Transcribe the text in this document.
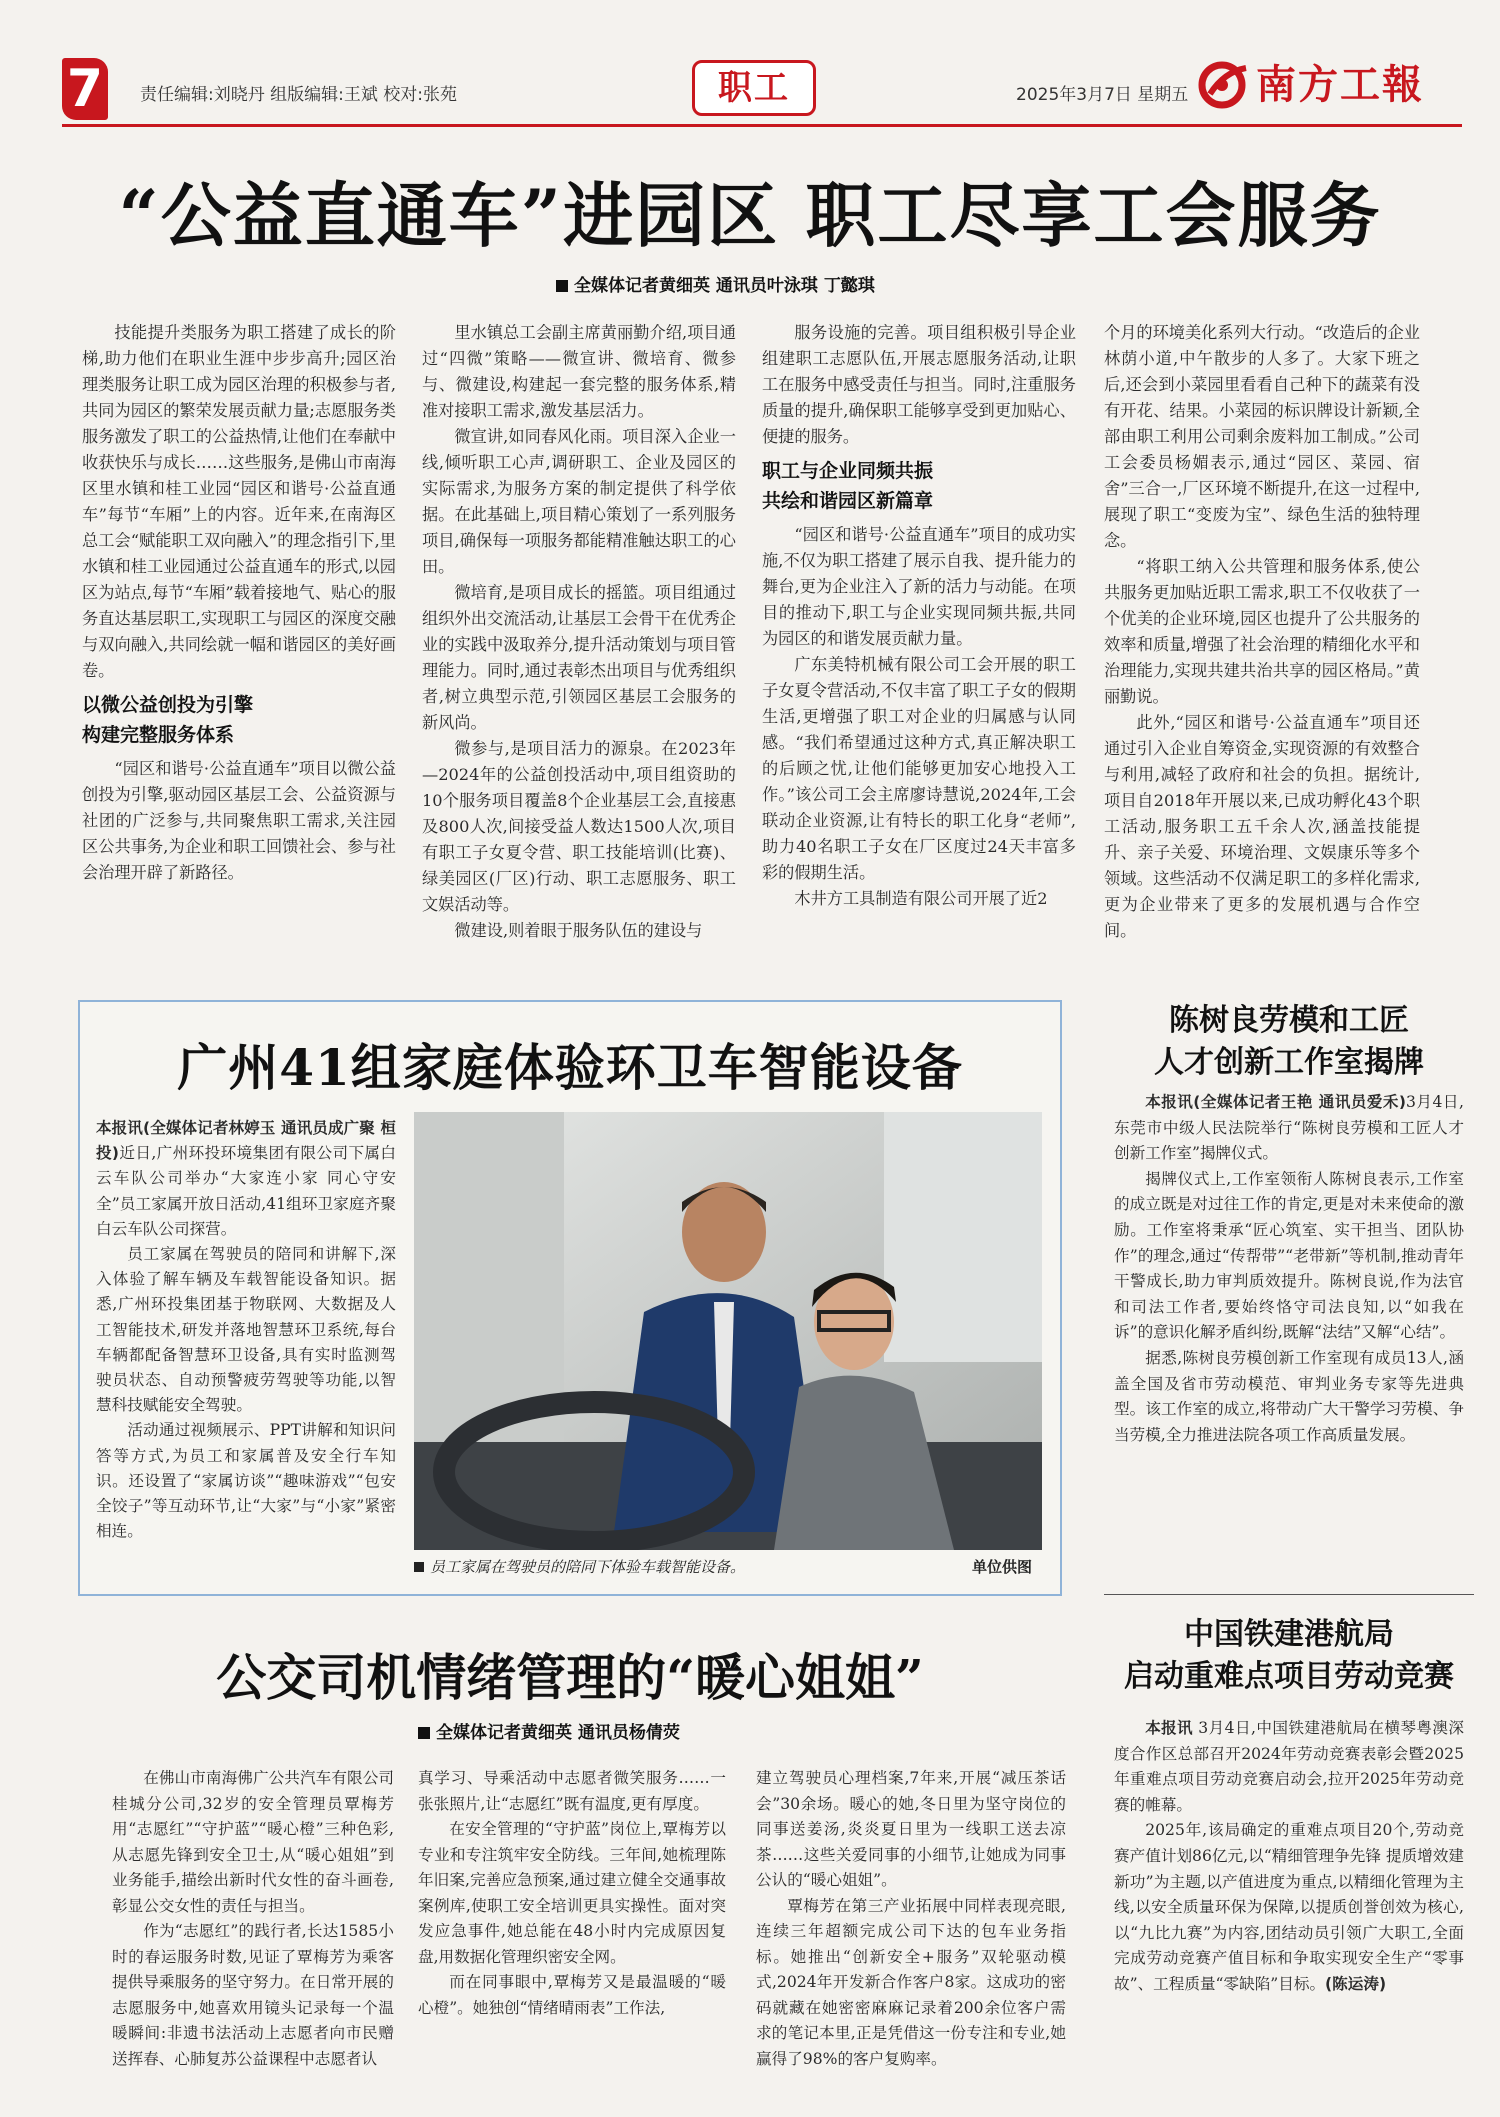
7 责任编辑:刘晓丹 组版编辑:王斌 校对:张苑	职工	2025年3月7日 星期五 南方工報
“公益直通车”进园区 职工尽享工会服务
全媒体记者黄细英 通讯员叶泳琪 丁懿琪

技能提升类服务为职工搭建了成长的阶梯,助力他们在职业生涯中步步高升;园区治理类服务让职工成为园区治理的积极参与者,共同为园区的繁荣发展贡献力量;志愿服务类服务激发了职工的公益热情,让他们在奉献中收获快乐与成长……这些服务,是佛山市南海区里水镇和桂工业园“园区和谐号·公益直通车”每节“车厢”上的内容。近年来,在南海区总工会“赋能职工双向融入”的理念指引下,里水镇和桂工业园通过公益直通车的形式,以园区为站点,每节“车厢”载着接地气、贴心的服务直达基层职工,实现职工与园区的深度交融与双向融入,共同绘就一幅和谐园区的美好画卷。

以微公益创投为引擎
构建完整服务体系

“园区和谐号·公益直通车”项目以微公益创投为引擎,驱动园区基层工会、公益资源与社团的广泛参与,共同聚焦职工需求,关注园区公共事务,为企业和职工回馈社会、参与社会治理开辟了新路径。

里水镇总工会副主席黄丽勤介绍,项目通过“四微”策略——微宣讲、微培育、微参与、微建设,构建起一套完整的服务体系,精准对接职工需求,激发基层活力。

微宣讲,如同春风化雨。项目深入企业一线,倾听职工心声,调研职工、企业及园区的实际需求,为服务方案的制定提供了科学依据。在此基础上,项目精心策划了一系列服务项目,确保每一项服务都能精准触达职工的心田。

微培育,是项目成长的摇篮。项目组通过组织外出交流活动,让基层工会骨干在优秀企业的实践中汲取养分,提升活动策划与项目管理能力。同时,通过表彰杰出项目与优秀组织者,树立典型示范,引领园区基层工会服务的新风尚。

微参与,是项目活力的源泉。在2023年—2024年的公益创投活动中,项目组资助的10个服务项目覆盖8个企业基层工会,直接惠及800人次,间接受益人数达1500人次,项目有职工子女夏令营、职工技能培训(比赛)、绿美园区(厂区)行动、职工志愿服务、职工文娱活动等。

微建设,则着眼于服务队伍的建设与

服务设施的完善。项目组积极引导企业组建职工志愿队伍,开展志愿服务活动,让职工在服务中感受责任与担当。同时,注重服务质量的提升,确保职工能够享受到更加贴心、便捷的服务。

职工与企业同频共振
共绘和谐园区新篇章

“园区和谐号·公益直通车”项目的成功实施,不仅为职工搭建了展示自我、提升能力的舞台,更为企业注入了新的活力与动能。在项目的推动下,职工与企业实现同频共振,共同为园区的和谐发展贡献力量。

广东美特机械有限公司工会开展的职工子女夏令营活动,不仅丰富了职工子女的假期生活,更增强了职工对企业的归属感与认同感。“我们希望通过这种方式,真正解决职工的后顾之忧,让他们能够更加安心地投入工作。”该公司工会主席廖诗慧说,2024年,工会联动企业资源,让有特长的职工化身“老师”,助力40名职工子女在厂区度过24天丰富多彩的假期生活。

木井方工具制造有限公司开展了近2

个月的环境美化系列大行动。“改造后的企业林荫小道,中午散步的人多了。大家下班之后,还会到小菜园里看看自己种下的蔬菜有没有开花、结果。小菜园的标识牌设计新颖,全部由职工利用公司剩余废料加工制成。”公司工会委员杨媚表示,通过“园区、菜园、宿舍”三合一,厂区环境不断提升,在这一过程中,展现了职工“变废为宝”、绿色生活的独特理念。

“将职工纳入公共管理和服务体系,使公共服务更加贴近职工需求,职工不仅收获了一个优美的企业环境,园区也提升了公共服务的效率和质量,增强了社会治理的精细化水平和治理能力,实现共建共治共享的园区格局。”黄丽勤说。

此外,“园区和谐号·公益直通车”项目还通过引入企业自筹资金,实现资源的有效整合与利用,减轻了政府和社会的负担。据统计,项目自2018年开展以来,已成功孵化43个职工活动,服务职工五千余人次,涵盖技能提升、亲子关爱、环境治理、文娱康乐等多个领域。这些活动不仅满足职工的多样化需求,更为企业带来了更多的发展机遇与合作空间。

广州41组家庭体验环卫车智能设备

本报讯(全媒体记者林婷玉 通讯员成广聚 桓投)近日,广州环投环境集团有限公司下属白云车队公司举办“大家连小家 同心守安全”员工家属开放日活动,41组环卫家庭齐聚白云车队公司探营。

员工家属在驾驶员的陪同和讲解下,深入体验了解车辆及车载智能设备知识。据悉,广州环投集团基于物联网、大数据及人工智能技术,研发并落地智慧环卫系统,每台车辆都配备智慧环卫设备,具有实时监测驾驶员状态、自动预警疲劳驾驶等功能,以智慧科技赋能安全驾驶。

活动通过视频展示、PPT讲解和知识问答等方式,为员工和家属普及安全行车知识。还设置了“家属访谈”“趣味游戏”“包安全饺子”等互动环节,让“大家”与“小家”紧密相连。

员工家属在驾驶员的陪同下体验车载智能设备。	单位供图
公交司机情绪管理的“暖心姐姐”
全媒体记者黄细英 通讯员杨倩荧

在佛山市南海佛广公共汽车有限公司桂城分公司,32岁的安全管理员覃梅芳用“志愿红”“守护蓝”“暖心橙”三种色彩,从志愿先锋到安全卫士,从“暖心姐姐”到业务能手,描绘出新时代女性的奋斗画卷,彰显公交女性的责任与担当。

作为“志愿红”的践行者,长达1585小时的春运服务时数,见证了覃梅芳为乘客提供导乘服务的坚守努力。在日常开展的志愿服务中,她喜欢用镜头记录每一个温暖瞬间:非遗书法活动上志愿者向市民赠送挥春、心肺复苏公益课程中志愿者认

真学习、导乘活动中志愿者微笑服务……一张张照片,让“志愿红”既有温度,更有厚度。

在安全管理的“守护蓝”岗位上,覃梅芳以专业和专注筑牢安全防线。三年间,她梳理陈年旧案,完善应急预案,通过建立健全交通事故案例库,使职工安全培训更具实操性。面对突发应急事件,她总能在48小时内完成原因复盘,用数据化管理织密安全网。

而在同事眼中,覃梅芳又是最温暖的“暖心橙”。她独创“情绪晴雨表”工作法,

建立驾驶员心理档案,7年来,开展“减压茶话会”30余场。暖心的她,冬日里为坚守岗位的同事送姜汤,炎炎夏日里为一线职工送去凉茶……这些关爱同事的小细节,让她成为同事公认的“暖心姐姐”。

覃梅芳在第三产业拓展中同样表现亮眼,连续三年超额完成公司下达的包车业务指标。她推出“创新安全+服务”双轮驱动模式,2024年开发新合作客户8家。这成功的密码就藏在她密密麻麻记录着200余位客户需求的笔记本里,正是凭借这一份专注和专业,她赢得了98%的客户复购率。

陈树良劳模和工匠
人才创新工作室揭牌

本报讯(全媒体记者王艳 通讯员爱禾)3月4日,东莞市中级人民法院举行“陈树良劳模和工匠人才创新工作室”揭牌仪式。

揭牌仪式上,工作室领衔人陈树良表示,工作室的成立既是对过往工作的肯定,更是对未来使命的激励。工作室将秉承“匠心筑室、实干担当、团队协作”的理念,通过“传帮带”“老带新”等机制,推动青年干警成长,助力审判质效提升。陈树良说,作为法官和司法工作者,要始终恪守司法良知,以“如我在诉”的意识化解矛盾纠纷,既解“法结”又解“心结”。

据悉,陈树良劳模创新工作室现有成员13人,涵盖全国及省市劳动模范、审判业务专家等先进典型。该工作室的成立,将带动广大干警学习劳模、争当劳模,全力推进法院各项工作高质量发展。

中国铁建港航局
启动重难点项目劳动竞赛

本报讯 3月4日,中国铁建港航局在横琴粤澳深度合作区总部召开2024年劳动竞赛表彰会暨2025年重难点项目劳动竞赛启动会,拉开2025年劳动竞赛的帷幕。

2025年,该局确定的重难点项目20个,劳动竞赛产值计划86亿元,以“精细管理争先锋 提质增效建新功”为主题,以产值进度为重点,以精细化管理为主线,以安全质量环保为保障,以提质创誉创效为核心,以“九比九赛”为内容,团结动员引领广大职工,全面完成劳动竞赛产值目标和争取实现安全生产“零事故”、工程质量“零缺陷”目标。(陈运涛)
